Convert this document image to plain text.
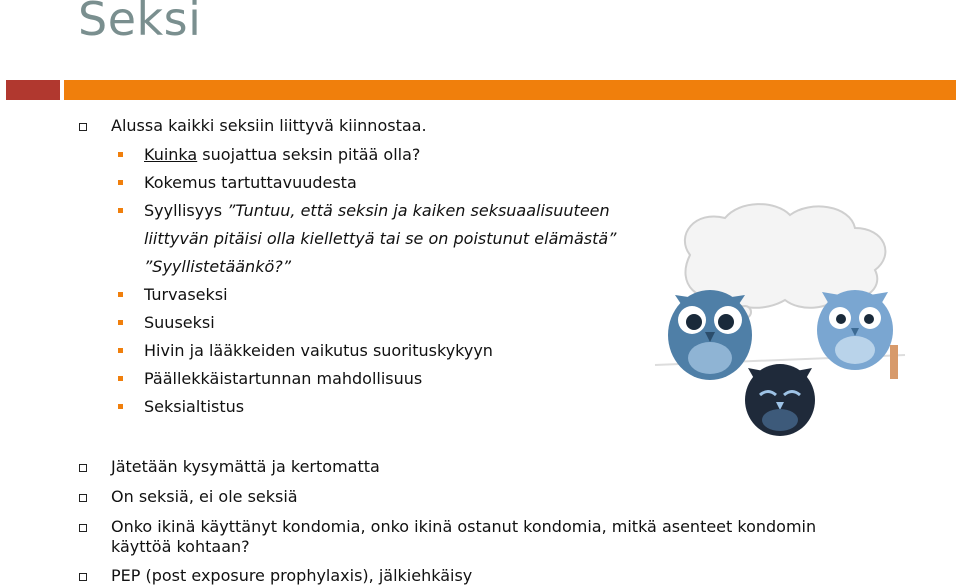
Seksi
Alussa kaikki seksiin liittyvä kiinnostaa.
Kuinka suojattua seksin pitää olla?
Kokemus tartuttavuudesta
Syyllisyys ”Tuntuu, että seksin ja kaiken seksuaalisuuteen
liittyvän pitäisi olla kiellettyä tai se on poistunut elämästä”
”Syyllistetäänkö?”
Turvaseksi
Suuseksi
Hivin ja lääkkeiden vaikutus suorituskykyyn
Päällekkäistartunnan mahdollisuus
Seksialtistus
Jätetään kysymättä ja kertomatta
On seksiä, ei ole seksiä
Onko ikinä käyttänyt kondomia, onko ikinä ostanut kondomia, mitkä asenteet kondomin
käyttöä kohtaan?
PEP (post exposure prophylaxis), jälkiehkäisy
